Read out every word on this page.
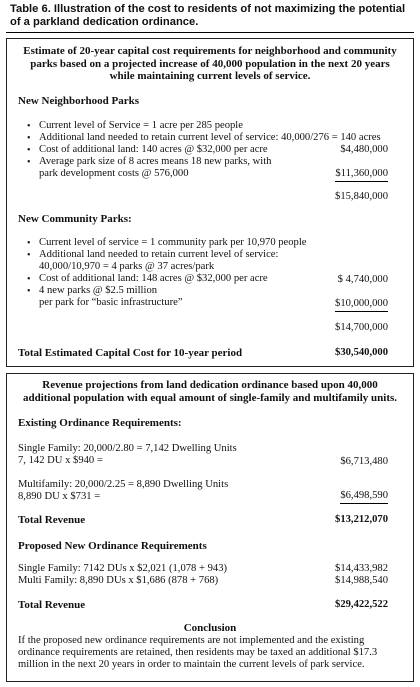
Table 6. Illustration of the cost to residents of not maximizing the potential of a parkland dedication ordinance.
Estimate of 20-year capital cost requirements for neighborhood and community parks based on a projected increase of 40,000 population in the next 20 years while maintaining current levels of service.
New Neighborhood Parks
• Current level of Service = 1 acre per 285 people
• Additional land needed to retain current level of service: 40,000/276 = 140 acres
• Cost of additional land: 140 acres @ $32,000 per acre	$4,480,000
• Average park size of 8 acres means 18 new parks, with
park development costs @ 576,000	$11,360,000
$15,840,000
New Community Parks:
• Current level of service = 1 community park per 10,970 people
• Additional land needed to retain current level of service:
40,000/10,970 = 4 parks @ 37 acres/park
• Cost of additional land: 148 acres @ $32,000 per acre	$ 4,740,000
• 4 new parks @ $2.5 million
per park for “basic infrastructure”	$10,000,000
$14,700,000
Total Estimated Capital Cost for 10-year period	$30,540,000
Revenue projections from land dedication ordinance based upon 40,000 additional population with equal amount of single-family and multifamily units.
Existing Ordinance Requirements:
Single Family: 20,000/2.80 = 7,142 Dwelling Units
7, 142 DU x $940 =	$6,713,480
Multifamily: 20,000/2.25 = 8,890 Dwelling Units
8,890 DU x $731 =	$6,498,590
Total Revenue	$13,212,070
Proposed New Ordinance Requirements
Single Family: 7142 DUs x $2,021 (1,078 + 943)	$14,433,982
Multi Family: 8,890 DUs x $1,686 (878 + 768)	$14,988,540
Total Revenue	$29,422,522
Conclusion
If the proposed new ordinance requirements are not implemented and the existing ordinance requirements are retained, then residents may be taxed an additional $17.3 million in the next 20 years in order to maintain the current levels of park service.
